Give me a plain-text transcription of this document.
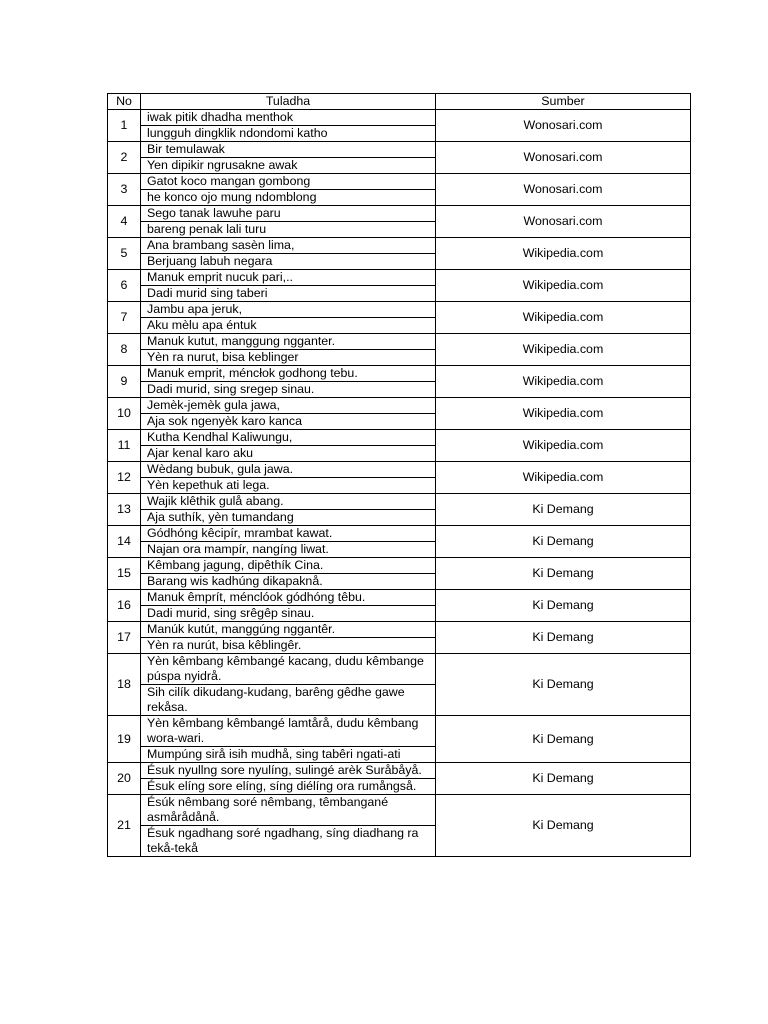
No	Tuladha	Sumber
1	iwak pitik dhadha menthok	Wonosari.com
	lungguh dingklik ndondomi katho	
2	Bir temulawak	Wonosari.com
	Yen dipikir ngrusakne awak	
3	Gatot koco mangan gombong	Wonosari.com
	he konco ojo mung ndomblong	
4	Sego tanak lawuhe paru	Wonosari.com
	bareng penak lali turu	
5	Ana brambang sasèn lima,	Wikipedia.com
	Berjuang labuh negara	
6	Manuk emprit nucuk pari,..	Wikipedia.com
	Dadi murid sing taberi	
7	Jambu apa jeruk,	Wikipedia.com
	Aku mèlu apa éntuk	
8	Manuk kutut, manggung ngganter.	Wikipedia.com
	Yèn ra nurut, bisa keblinger	
9	Manuk emprit, méncłok godhong tebu.	Wikipedia.com
	Dadi murid, sing sregep sinau.	
10	Jemèk-jemèk gula jawa,	Wikipedia.com
	Aja sok ngenyèk karo kanca	
11	Kutha Kendhal Kaliwungu,	Wikipedia.com
	Ajar kenal karo aku	
12	Wèdang bubuk, gula jawa.	Wikipedia.com
	Yèn kepethuk ati lega.	
13	Wajik klêthik gulå abang.	Ki Demang
	Aja suthík, yèn tumandang	
14	Gódhóng kêcipír, mrambat kawat.	Ki Demang
	Najan ora mampír, nangíng liwat.	
15	Kêmbang jagung, dipêthík Cina.	Ki Demang
	Barang wis kadhúng dikapaknå.	
16	Manuk êmprít, ménclóok gódhóng têbu.	Ki Demang
	Dadi murid, sing srêgêp sinau.	
17	Manúk kutút, manggúng nggantêr.	Ki Demang
	Yèn ra nurút, bisa kêblingêr.	
18	Yèn kêmbang kêmbangé kacang, dudu kêmbange púspa nyidrå.	Ki Demang
	Sih cilík dikudang-kudang, barêng gêdhe gawe rekåsa.	
19	Yèn kêmbang kêmbangé lamtårå, dudu kêmbang wora-wari.	Ki Demang
	Mumpúng sirå isih mudhå, sing tabêri ngati-ati	
20	Ésuk nyullng sore nyulíng, sulingé arèk Suråbåyå.	Ki Demang
	Ésuk elíng sore elíng, síng diélíng ora rumångså.	
21	Ésúk nêmbang soré nêmbang, têmbangané asmårådånå.	Ki Demang
	Ésuk ngadhang soré ngadhang, síng diadhang ra tekå-tekå	
